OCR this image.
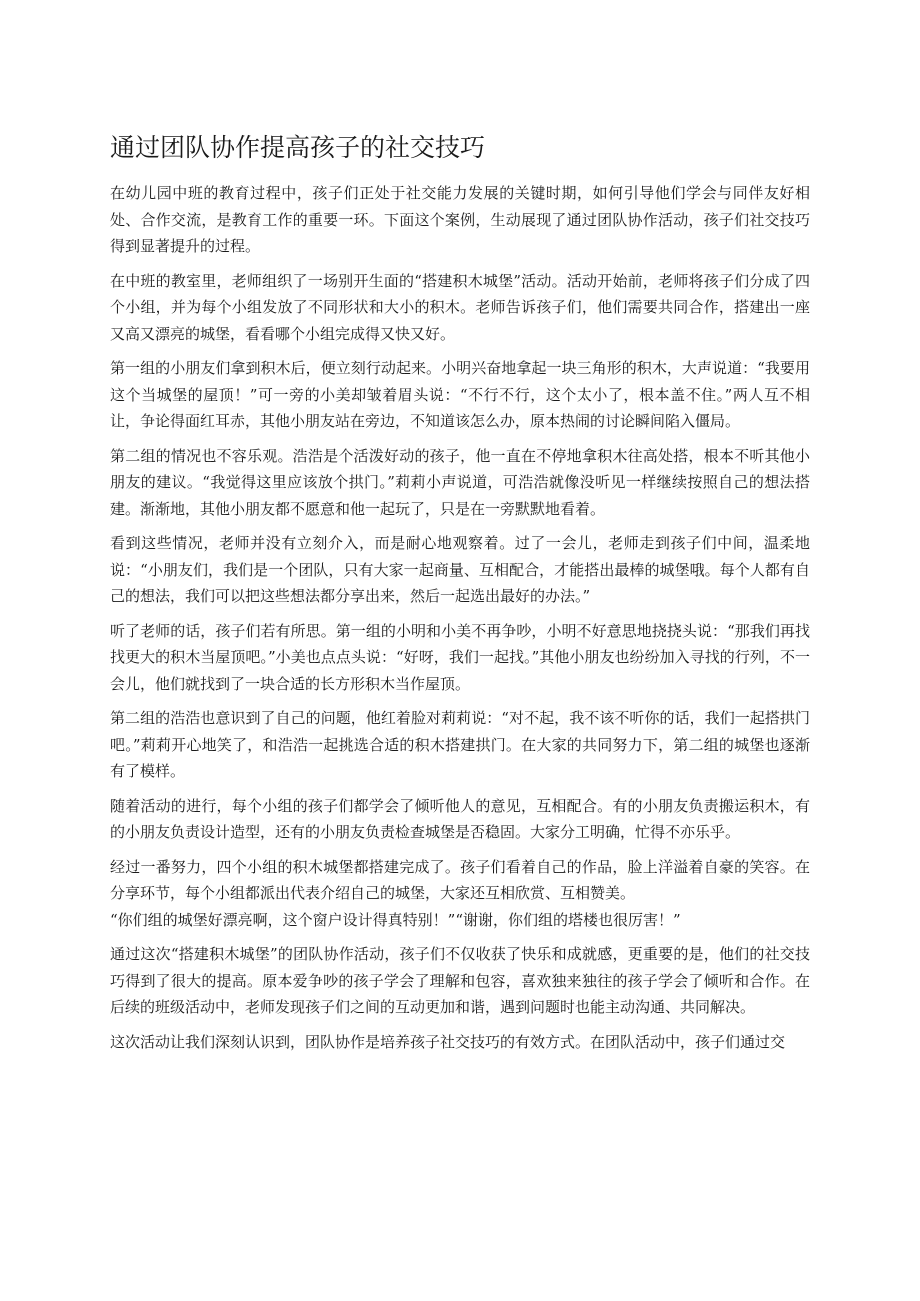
通过团队协作提高孩子的社交技巧

在幼儿园中班的教育过程中，孩子们正处于社交能力发展的关键时期，如何引导他们学会与同伴友好相处、合作交流，是教育工作的重要一环。下面这个案例，生动展现了通过团队协作活动，孩子们社交技巧得到显著提升的过程。

在中班的教室里，老师组织了一场别开生面的“搭建积木城堡”活动。活动开始前，老师将孩子们分成了四个小组，并为每个小组发放了不同形状和大小的积木。老师告诉孩子们，他们需要共同合作，搭建出一座又高又漂亮的城堡，看看哪个小组完成得又快又好。

第一组的小朋友们拿到积木后，便立刻行动起来。小明兴奋地拿起一块三角形的积木，大声说道：“我要用这个当城堡的屋顶！”可一旁的小美却皱着眉头说：“不行不行，这个太小了，根本盖不住。”两人互不相让，争论得面红耳赤，其他小朋友站在旁边，不知道该怎么办，原本热闹的讨论瞬间陷入僵局。

第二组的情况也不容乐观。浩浩是个活泼好动的孩子，他一直在不停地拿积木往高处搭，根本不听其他小朋友的建议。“我觉得这里应该放个拱门。”莉莉小声说道，可浩浩就像没听见一样继续按照自己的想法搭建。渐渐地，其他小朋友都不愿意和他一起玩了，只是在一旁默默地看着。

看到这些情况，老师并没有立刻介入，而是耐心地观察着。过了一会儿，老师走到孩子们中间，温柔地说：“小朋友们，我们是一个团队，只有大家一起商量、互相配合，才能搭出最棒的城堡哦。每个人都有自己的想法，我们可以把这些想法都分享出来，然后一起选出最好的办法。”

听了老师的话，孩子们若有所思。第一组的小明和小美不再争吵，小明不好意思地挠挠头说：“那我们再找找更大的积木当屋顶吧。”小美也点点头说：“好呀，我们一起找。”其他小朋友也纷纷加入寻找的行列，不一会儿，他们就找到了一块合适的长方形积木当作屋顶。

第二组的浩浩也意识到了自己的问题，他红着脸对莉莉说：“对不起，我不该不听你的话，我们一起搭拱门吧。”莉莉开心地笑了，和浩浩一起挑选合适的积木搭建拱门。在大家的共同努力下，第二组的城堡也逐渐有了模样。

随着活动的进行，每个小组的孩子们都学会了倾听他人的意见，互相配合。有的小朋友负责搬运积木，有的小朋友负责设计造型，还有的小朋友负责检查城堡是否稳固。大家分工明确，忙得不亦乐乎。

经过一番努力，四个小组的积木城堡都搭建完成了。孩子们看着自己的作品，脸上洋溢着自豪的笑容。在分享环节，每个小组都派出代表介绍自己的城堡，大家还互相欣赏、互相赞美。

“你们组的城堡好漂亮啊，这个窗户设计得真特别！”“谢谢，你们组的塔楼也很厉害！”

通过这次“搭建积木城堡”的团队协作活动，孩子们不仅收获了快乐和成就感，更重要的是，他们的社交技巧得到了很大的提高。原本爱争吵的孩子学会了理解和包容，喜欢独来独往的孩子学会了倾听和合作。在后续的班级活动中，老师发现孩子们之间的互动更加和谐，遇到问题时也能主动沟通、共同解决。

这次活动让我们深刻认识到，团队协作是培养孩子社交技巧的有效方式。在团队活动中，孩子们通过交
